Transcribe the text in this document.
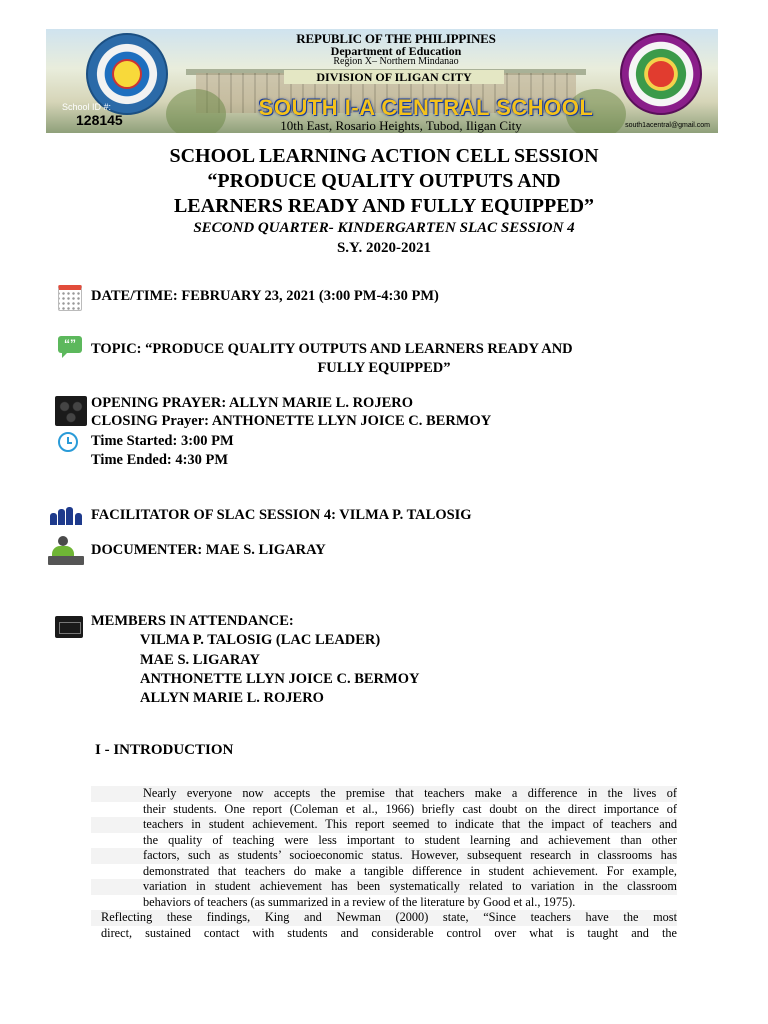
REPUBLIC OF THE PHILIPPINES
Department of Education
Region X– Northern Mindanao
DIVISION OF ILIGAN CITY
School ID #:
128145	SOUTH I-A CENTRAL SCHOOL
10th East, Rosario Heights, Tubod, Iligan City	south1acentral@gmail.com
SCHOOL LEARNING ACTION CELL SESSION
“PRODUCE QUALITY OUTPUTS AND
LEARNERS READY AND FULLY EQUIPPED”
SECOND QUARTER- KINDERGARTEN SLAC SESSION 4
S.Y. 2020-2021
DATE/TIME: FEBRUARY 23, 2021 (3:00 PM-4:30 PM)
“”	TOPIC: “PRODUCE QUALITY OUTPUTS AND LEARNERS READY AND
FULLY EQUIPPED”
OPENING PRAYER: ALLYN MARIE L. ROJERO
CLOSING Prayer: ANTHONETTE LLYN JOICE C. BERMOY
Time Started: 3:00 PM
Time Ended: 4:30 PM
FACILITATOR OF SLAC SESSION 4: VILMA P. TALOSIG
DOCUMENTER: MAE S. LIGARAY
MEMBERS IN ATTENDANCE:
VILMA P. TALOSIG (LAC LEADER)
MAE S. LIGARAY
ANTHONETTE LLYN JOICE C. BERMOY
ALLYN MARIE L. ROJERO
I - INTRODUCTION
Nearly everyone now accepts the premise that teachers make a difference in the lives of
their students. One report (Coleman et al., 1966) briefly cast doubt on the direct importance of
teachers in student achievement. This report seemed to indicate that the impact of teachers and
the quality of teaching were less important to student learning and achievement than other
factors, such as students’ socioeconomic status. However, subsequent research in classrooms has
demonstrated that teachers do make a tangible difference in student achievement. For example,
variation in student achievement has been systematically related to variation in the classroom
behaviors of teachers (as summarized in a review of the literature by Good et al., 1975).
Reflecting these findings, King and Newman (2000) state, “Since teachers have the most
direct, sustained contact with students and considerable control over what is taught and the
